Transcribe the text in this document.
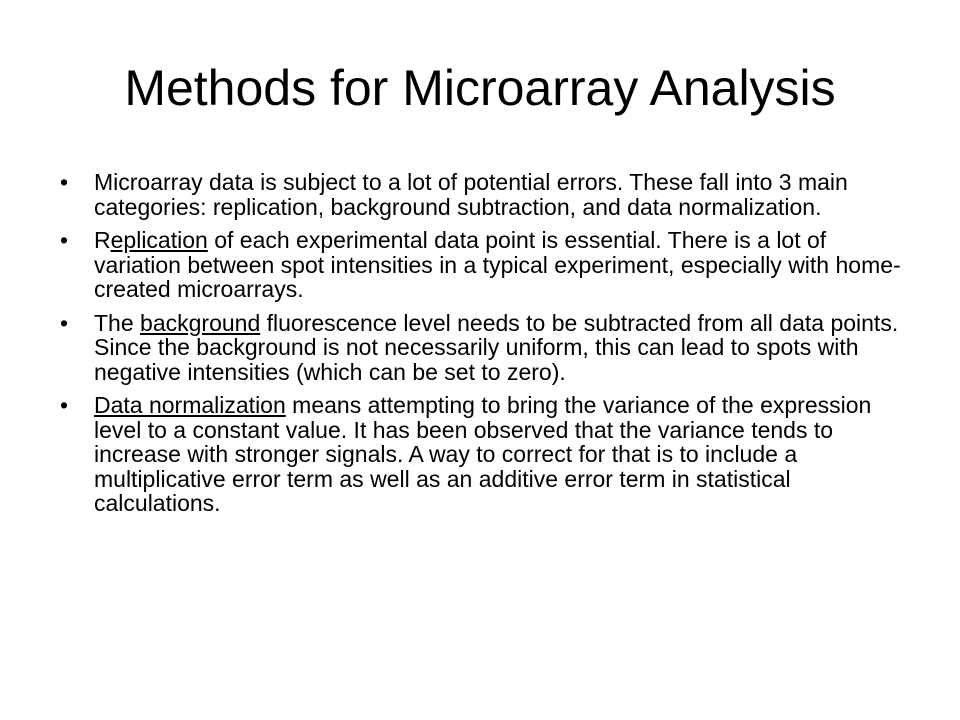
Methods for Microarray Analysis
•	Microarray data is subject to a lot of potential errors. These fall into 3 main categories: replication, background subtraction, and data normalization.
•	Replication of each experimental data point is essential. There is a lot of variation between spot intensities in a typical experiment, especially with home-created microarrays.
•	The background fluorescence level needs to be subtracted from all data points. Since the background is not necessarily uniform, this can lead to spots with negative intensities (which can be set to zero).
•	Data normalization means attempting to bring the variance of the expression level to a constant value. It has been observed that the variance tends to increase with stronger signals. A way to correct for that is to include a multiplicative error term as well as an additive error term in statistical calculations.
